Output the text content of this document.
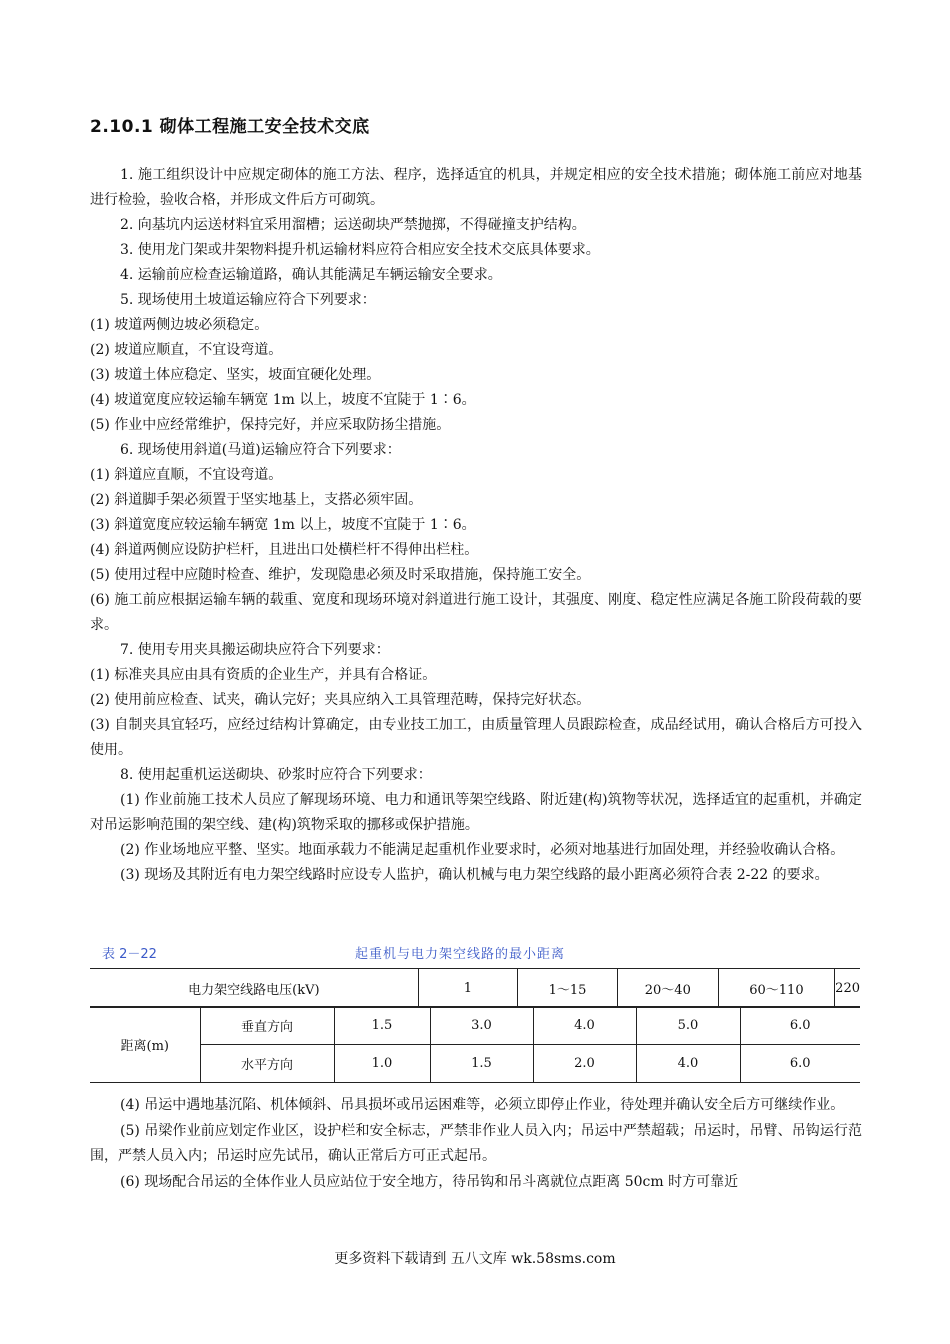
2.10.1 砌体工程施工安全技术交底

1. 施工组织设计中应规定砌体的施工方法、程序，选择适宜的机具，并规定相应的安全技术措施；砌体施工前应对地基进行检验，验收合格，并形成文件后方可砌筑。

2. 向基坑内运送材料宜采用溜槽；运送砌块严禁抛掷，不得碰撞支护结构。

3. 使用龙门架或井架物料提升机运输材料应符合相应安全技术交底具体要求。

4. 运输前应检查运输道路，确认其能满足车辆运输安全要求。

5. 现场使用土坡道运输应符合下列要求：

(1) 坡道两侧边坡必须稳定。

(2) 坡道应顺直，不宜设弯道。

(3) 坡道土体应稳定、坚实，坡面宜硬化处理。

(4) 坡道宽度应较运输车辆宽 1m 以上，坡度不宜陡于 1∶6。

(5) 作业中应经常维护，保持完好，并应采取防扬尘措施。

6. 现场使用斜道(马道)运输应符合下列要求：

(1) 斜道应直顺，不宜设弯道。

(2) 斜道脚手架必须置于坚实地基上，支搭必须牢固。

(3) 斜道宽度应较运输车辆宽 1m 以上，坡度不宜陡于 1∶6。

(4) 斜道两侧应设防护栏杆，且进出口处横栏杆不得伸出栏柱。

(5) 使用过程中应随时检查、维护，发现隐患必须及时采取措施，保持施工安全。

(6) 施工前应根据运输车辆的载重、宽度和现场环境对斜道进行施工设计，其强度、刚度、稳定性应满足各施工阶段荷载的要求。

7. 使用专用夹具搬运砌块应符合下列要求：

(1) 标准夹具应由具有资质的企业生产，并具有合格证。

(2) 使用前应检查、试夹，确认完好；夹具应纳入工具管理范畴，保持完好状态。

(3) 自制夹具宜轻巧，应经过结构计算确定，由专业技工加工，由质量管理人员跟踪检查，成品经试用，确认合格后方可投入使用。

8. 使用起重机运送砌块、砂浆时应符合下列要求：

(1) 作业前施工技术人员应了解现场环境、电力和通讯等架空线路、附近建(构)筑物等状况，选择适宜的起重机，并确定对吊运影响范围的架空线、建(构)筑物采取的挪移或保护措施。

(2) 作业场地应平整、坚实。地面承载力不能满足起重机作业要求时，必须对地基进行加固处理，并经验收确认合格。

(3) 现场及其附近有电力架空线路时应设专人监护，确认机械与电力架空线路的最小距离必须符合表 2-22 的要求。

表 2－22	起重机与电力架空线路的最小距离
电力架空线路电压(kV)	1	1～15	20～40	60～110	220
距离(m)	垂直方向	1.5	3.0	4.0	5.0	6.0
	水平方向	1.0	1.5	2.0	4.0	6.0

(4) 吊运中遇地基沉陷、机体倾斜、吊具损坏或吊运困难等，必须立即停止作业，待处理并确认安全后方可继续作业。

(5) 吊梁作业前应划定作业区，设护栏和安全标志，严禁非作业人员入内；吊运中严禁超载；吊运时，吊臂、吊钩运行范围，严禁人员入内；吊运时应先试吊，确认正常后方可正式起吊。

(6) 现场配合吊运的全体作业人员应站位于安全地方，待吊钩和吊斗离就位点距离 50cm 时方可靠近

更多资料下载请到 五八文库 wk.58sms.com
